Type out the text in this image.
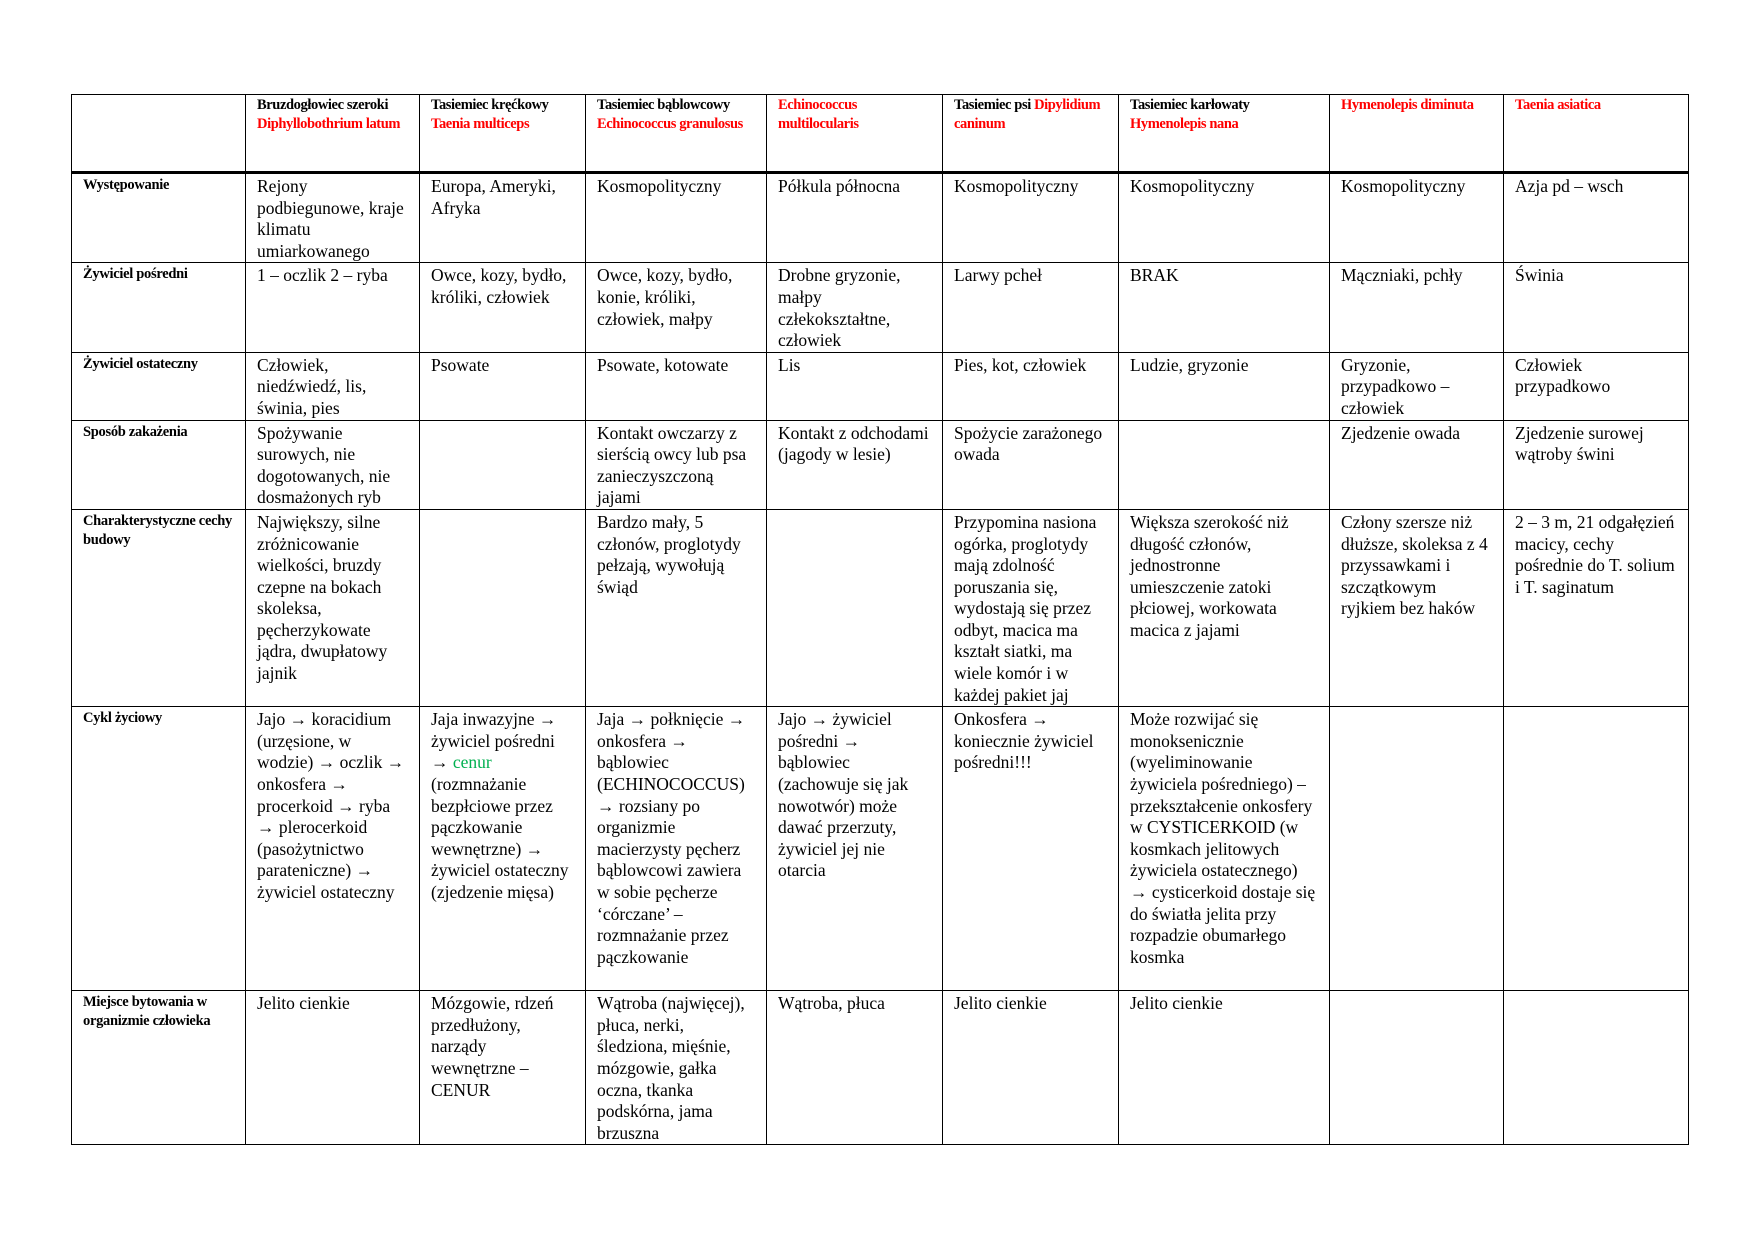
	Bruzdogłowiec szeroki Diphyllobothrium latum	Tasiemiec kręćkowy Taenia multiceps	Tasiemiec bąblowcowy Echinococcus granulosus	Echinococcus multilocularis	Tasiemiec psi Dipylidium caninum	Tasiemiec karłowaty Hymenolepis nana	Hymenolepis diminuta	Taenia asiatica
Występowanie	Rejony podbiegunowe, kraje klimatu umiarkowanego	Europa, Ameryki, Afryka	Kosmopolityczny	Półkula północna	Kosmopolityczny	Kosmopolityczny	Kosmopolityczny	Azja pd – wsch
Żywiciel pośredni	1 – oczlik 2 – ryba	Owce, kozy, bydło, króliki, człowiek	Owce, kozy, bydło, konie, króliki, człowiek, małpy	Drobne gryzonie, małpy człekokształtne, człowiek	Larwy pcheł	BRAK	Mączniaki, pchły	Świnia
Żywiciel ostateczny	Człowiek, niedźwiedź, lis, świnia, pies	Psowate	Psowate, kotowate	Lis	Pies, kot, człowiek	Ludzie, gryzonie	Gryzonie, przypadkowo – człowiek	Człowiek przypadkowo
Sposób zakażenia	Spożywanie surowych, nie dogotowanych, nie dosmażonych ryb		Kontakt owczarzy z sierścią owcy lub psa zanieczyszczoną jajami	Kontakt z odchodami (jagody w lesie)	Spożycie zarażonego owada		Zjedzenie owada	Zjedzenie surowej wątroby świni
Charakterystyczne cechy budowy	Największy, silne zróżnicowanie wielkości, bruzdy czepne na bokach skoleksa, pęcherzykowate jądra, dwupłatowy jajnik		Bardzo mały, 5 członów, proglotydy pełzają, wywołują świąd		Przypomina nasiona ogórka, proglotydy mają zdolność poruszania się, wydostają się przez odbyt, macica ma kształt siatki, ma wiele komór i w każdej pakiet jaj	Większa szerokość niż długość członów, jednostronne umieszczenie zatoki płciowej, workowata macica z jajami	Człony szersze niż dłuższe, skoleksa z 4 przyssawkami i szczątkowym ryjkiem bez haków	2 – 3 m, 21 odgałęzień macicy, cechy pośrednie do T. solium i T. saginatum
Cykl życiowy	Jajo → koracidium (urzęsione, w wodzie) → oczlik → onkosfera → procerkoid → ryba → plerocerkoid (pasożytnictwo parateniczne) → żywiciel ostateczny	Jaja inwazyjne → żywiciel pośredni → cenur (rozmnażanie bezpłciowe przez pączkowanie wewnętrzne) → żywiciel ostateczny (zjedzenie mięsa)	Jaja → połknięcie → onkosfera → bąblowiec (ECHINOCOCCUS) → rozsiany po organizmie macierzysty pęcherz bąblowcowi zawiera w sobie pęcherze ‘córczane’ – rozmnażanie przez pączkowanie	Jajo → żywiciel pośredni → bąblowiec (zachowuje się jak nowotwór) może dawać przerzuty, żywiciel jej nie otarcia	Onkosfera → koniecznie żywiciel pośredni!!!	Może rozwijać się monoksenicznie (wyeliminowanie żywiciela pośredniego) – przekształcenie onkosfery w CYSTICERKOID (w kosmkach jelitowych żywiciela ostatecznego) → cysticerkoid dostaje się do światła jelita przy rozpadzie obumarłego kosmka		
Miejsce bytowania w organizmie człowieka	Jelito cienkie	Mózgowie, rdzeń przedłużony, narządy wewnętrzne – CENUR	Wątroba (najwięcej), płuca, nerki, śledziona, mięśnie, mózgowie, gałka oczna, tkanka podskórna, jama brzuszna	Wątroba, płuca	Jelito cienkie	Jelito cienkie		
